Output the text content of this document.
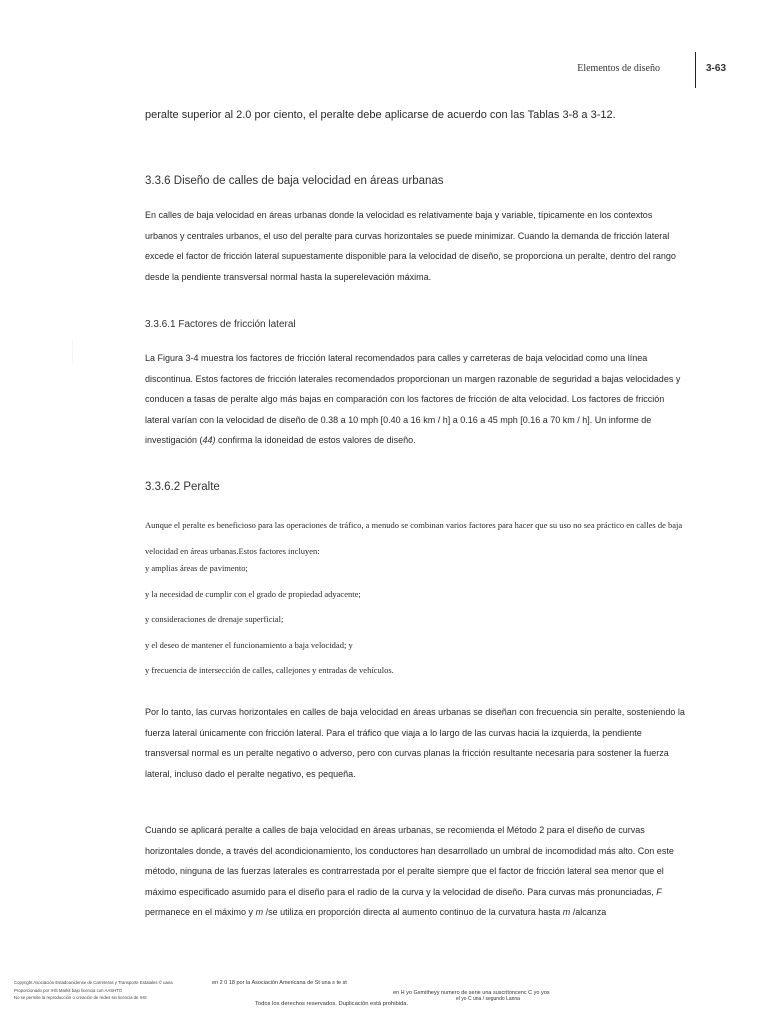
Elementos de diseño	3-63
··········
peralte superior al 2.0 por ciento, el peralte debe aplicarse de acuerdo con las Tablas 3-8 a 3-12.
3.3.6 Diseño de calles de baja velocidad en áreas urbanas
En calles de baja velocidad en áreas urbanas donde la velocidad es relativamente baja y variable, típicamente en los contextos urbanos y centrales urbanos, el uso del peralte para curvas horizontales se puede minimizar. Cuando la demanda de fricción lateral excede el factor de fricción lateral supuestamente disponible para la velocidad de diseño, se proporciona un peralte, dentro del rango desde la pendiente transversal normal hasta la superelevación máxima.
3.3.6.1 Factores de fricción lateral
La Figura 3-4 muestra los factores de fricción lateral recomendados para calles y carreteras de baja velocidad como una línea discontinua. Estos factores de fricción laterales recomendados proporcionan un margen razonable de seguridad a bajas velocidades y conducen a tasas de peralte algo más bajas en comparación con los factores de fricción de alta velocidad. Los factores de fricción lateral varían con la velocidad de diseño de 0.38 a 10 mph [0.40 a 16 km / h] a 0.16 a 45 mph [0.16 a 70 km / h]. Un informe de investigación (44) confirma la idoneidad de estos valores de diseño.
3.3.6.2 Peralte
Aunque el peralte es beneficioso para las operaciones de tráfico, a menudo se combinan varios factores para hacer que su uso no sea práctico en calles de baja velocidad en áreas urbanas.Estos factores incluyen:
y amplias áreas de pavimento;
y la necesidad de cumplir con el grado de propiedad adyacente;
y consideraciones de drenaje superficial;
y el deseo de mantener el funcionamiento a baja velocidad; y
y frecuencia de intersección de calles, callejones y entradas de vehículos.
Por lo tanto, las curvas horizontales en calles de baja velocidad en áreas urbanas se diseñan con frecuencia sin peralte, sosteniendo la fuerza lateral únicamente con fricción lateral. Para el tráfico que viaja a lo largo de las curvas hacia la izquierda, la pendiente transversal normal es un peralte negativo o adverso, pero con curvas planas la fricción resultante necesaria para sostener la fuerza lateral, incluso dado el peralte negativo, es pequeña.
Cuando se aplicará peralte a calles de baja velocidad en áreas urbanas, se recomienda el Método 2 para el diseño de curvas horizontales donde, a través del acondicionamiento, los conductores han desarrollado un umbral de incomodidad más alto. Con este método, ninguna de las fuerzas laterales es contrarrestada por el peralte siempre que el factor de fricción lateral sea menor que el máximo especificado asumido para el diseño para el radio de la curva y la velocidad de diseño. Para curvas más pronunciadas, F permanece en el máximo y m /se utiliza en proporción directa al aumento continuo de la curvatura hasta m /alcanza
Copyright Asociación Estadounidense de Carreteras y Transporte Estatales © uana
Proporcionado por IHS Markit bajo licencia con AASHTO
No se permite la reproducción o creación de redes sin licencia de IHS
en 2 0 18 por la Asociación Americana de St una s te st
en H yo Gsmitheyy numero de serie una suscritoncenc C yo yos
Todos los derechos reservados. Duplicación está prohibida.
el yo C una / segundo Lanna
